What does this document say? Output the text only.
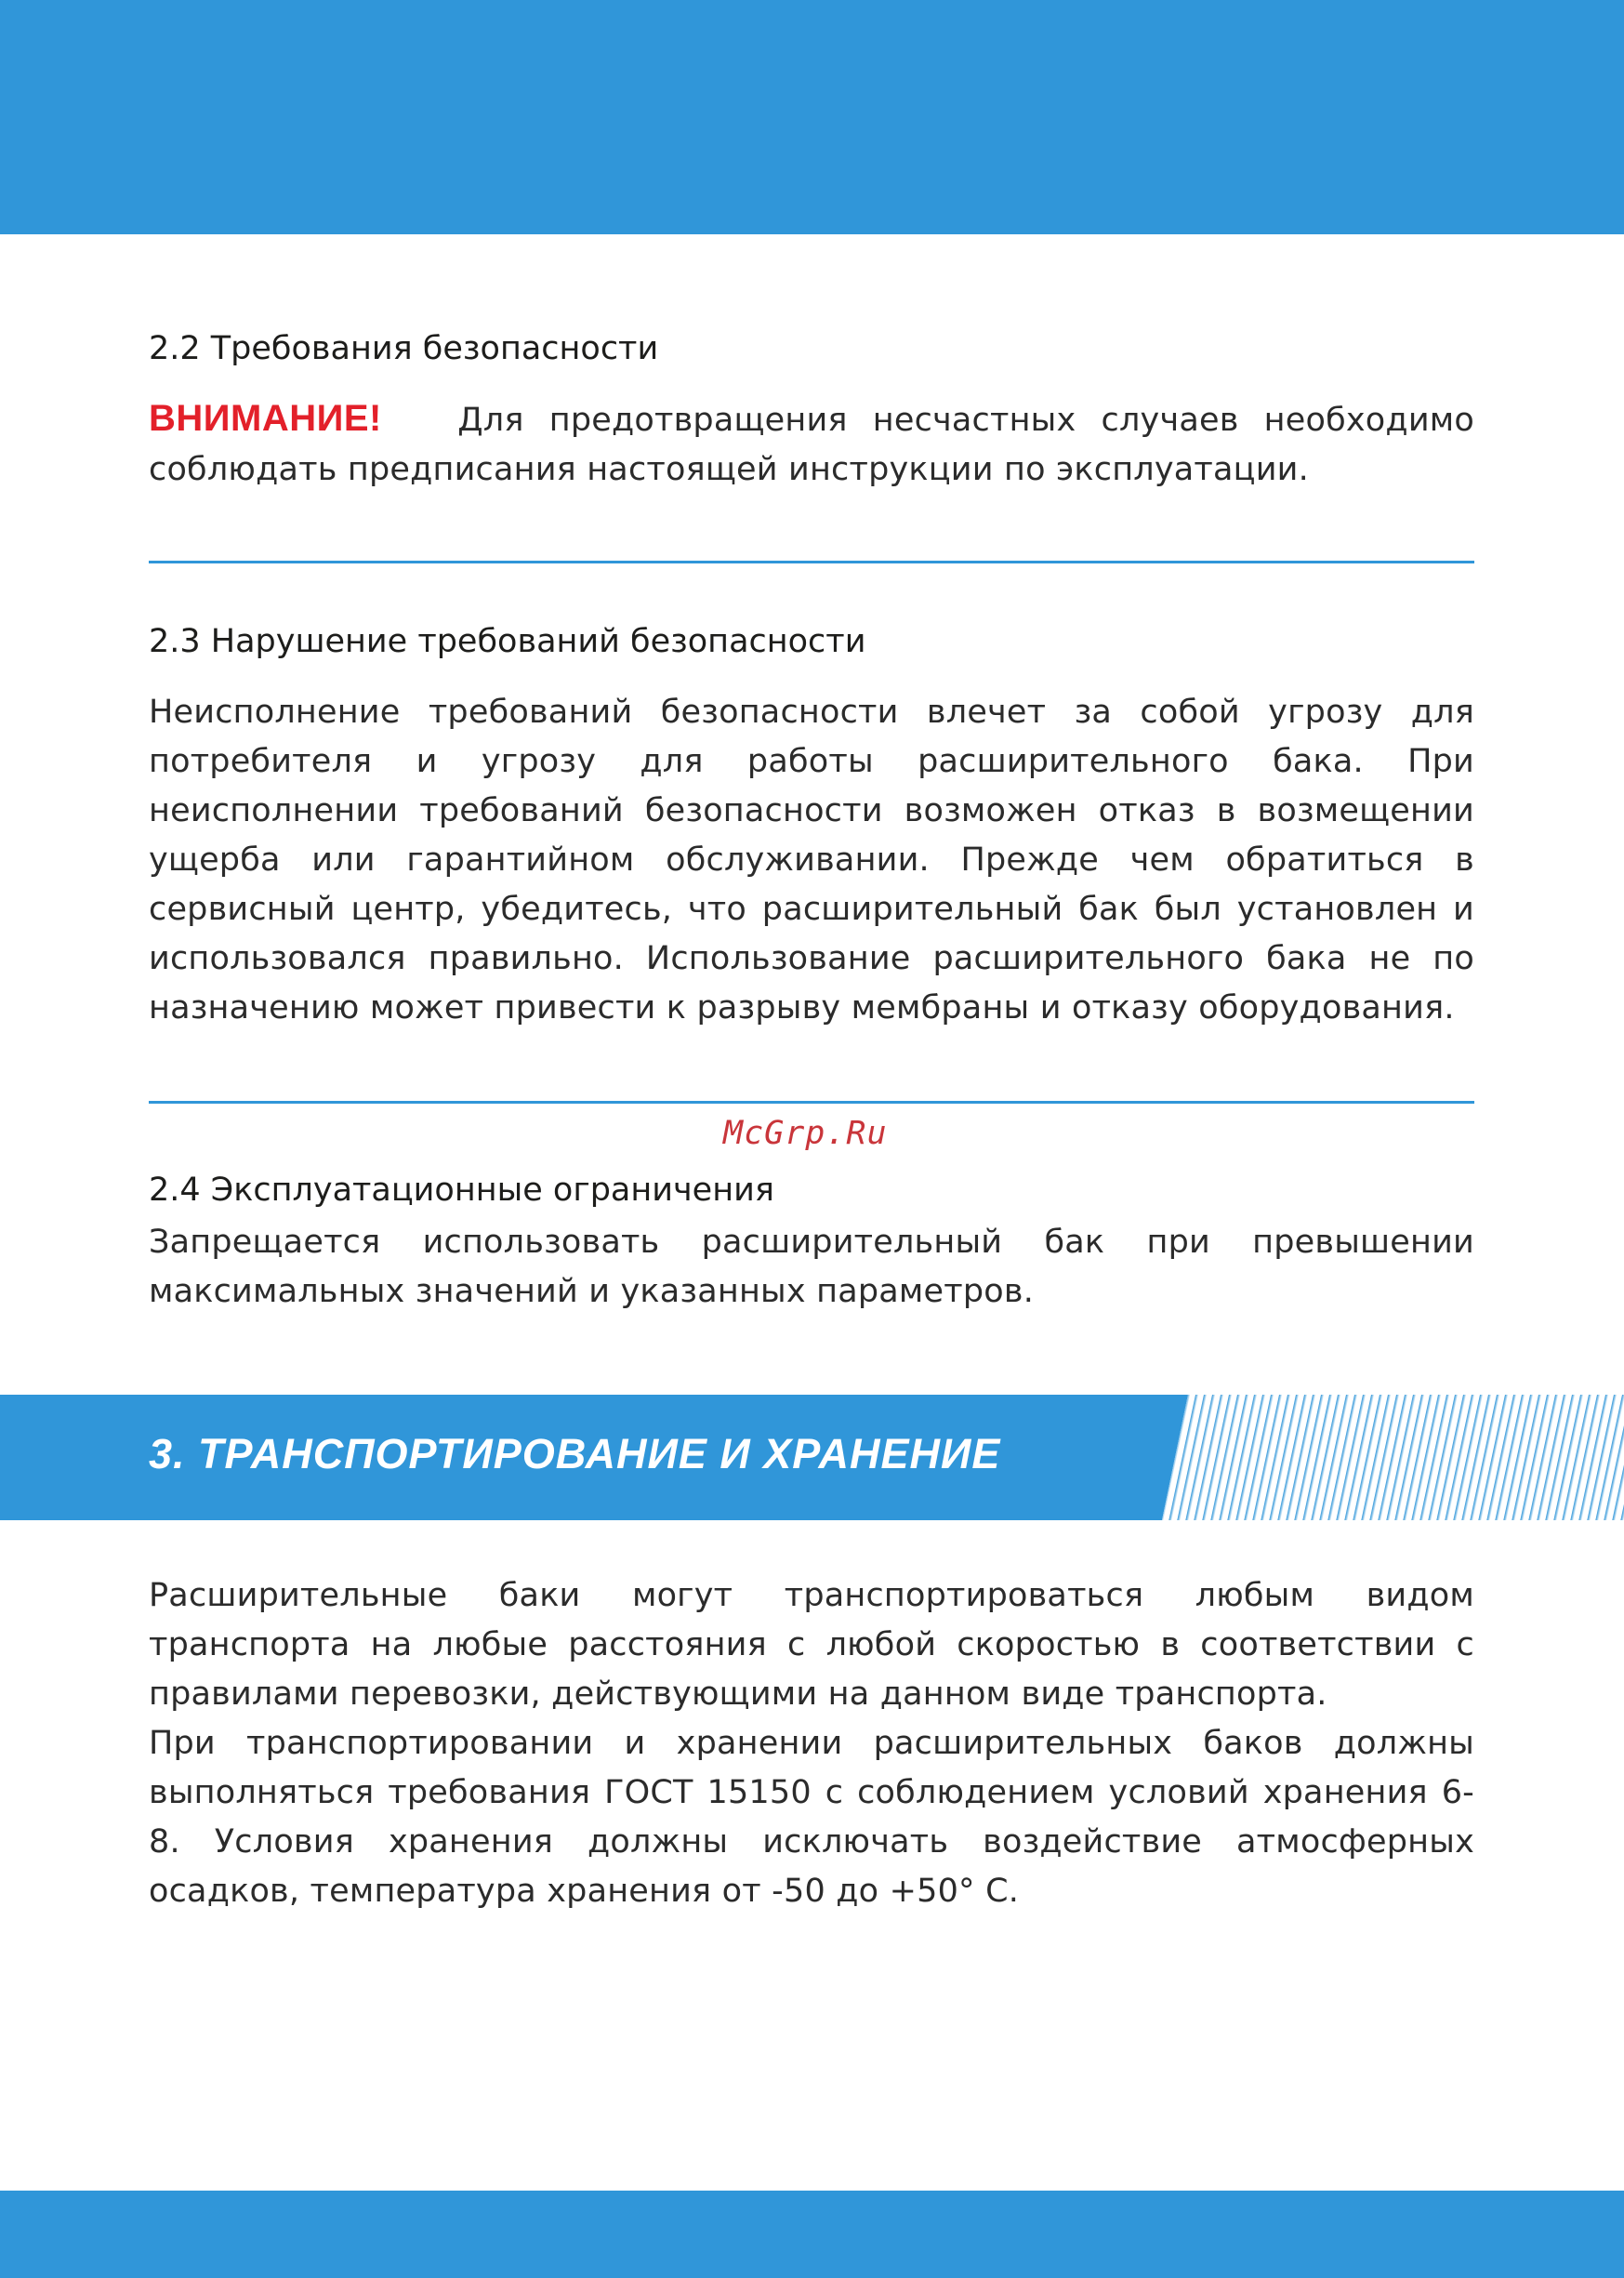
2.2 Требования безопасности

ВНИМАНИЕ! Для предотвращения несчастных случаев необходимо соблюдать предписания настоящей инструкции по эксплуатации.

2.3 Нарушение требований безопасности

Неисполнение требований безопасности влечет за собой угрозу для потребителя и угрозу для работы расширительного бака. При неисполнении требований безопасности возможен отказ в возмещении ущерба или гарантийном обслуживании. Прежде чем обратиться в сервисный центр, убедитесь, что расширительный бак был установлен и использовался правильно. Использование расширительного бака не по назначению может привести к разрыву мембраны и отказу оборудования.

McGrp.Ru
2.4 Эксплуатационные ограничения

Запрещается использовать расширительный бак при превышении максимальных значений и указанных параметров.

3. ТРАНСПОРТИРОВАНИЕ И ХРАНЕНИЕ

Расширительные баки могут транспортироваться любым видом транспорта на любые расстояния с любой скоростью в соответствии с правилами перевозки, действующими на данном виде транспорта.

При транспортировании и хранении расширительных баков должны выполняться требования ГОСТ 15150 с соблюдением условий хранения 6-8. Условия хранения должны исключать воздействие атмосферных осадков, температура хранения от -50 до +50° С.
